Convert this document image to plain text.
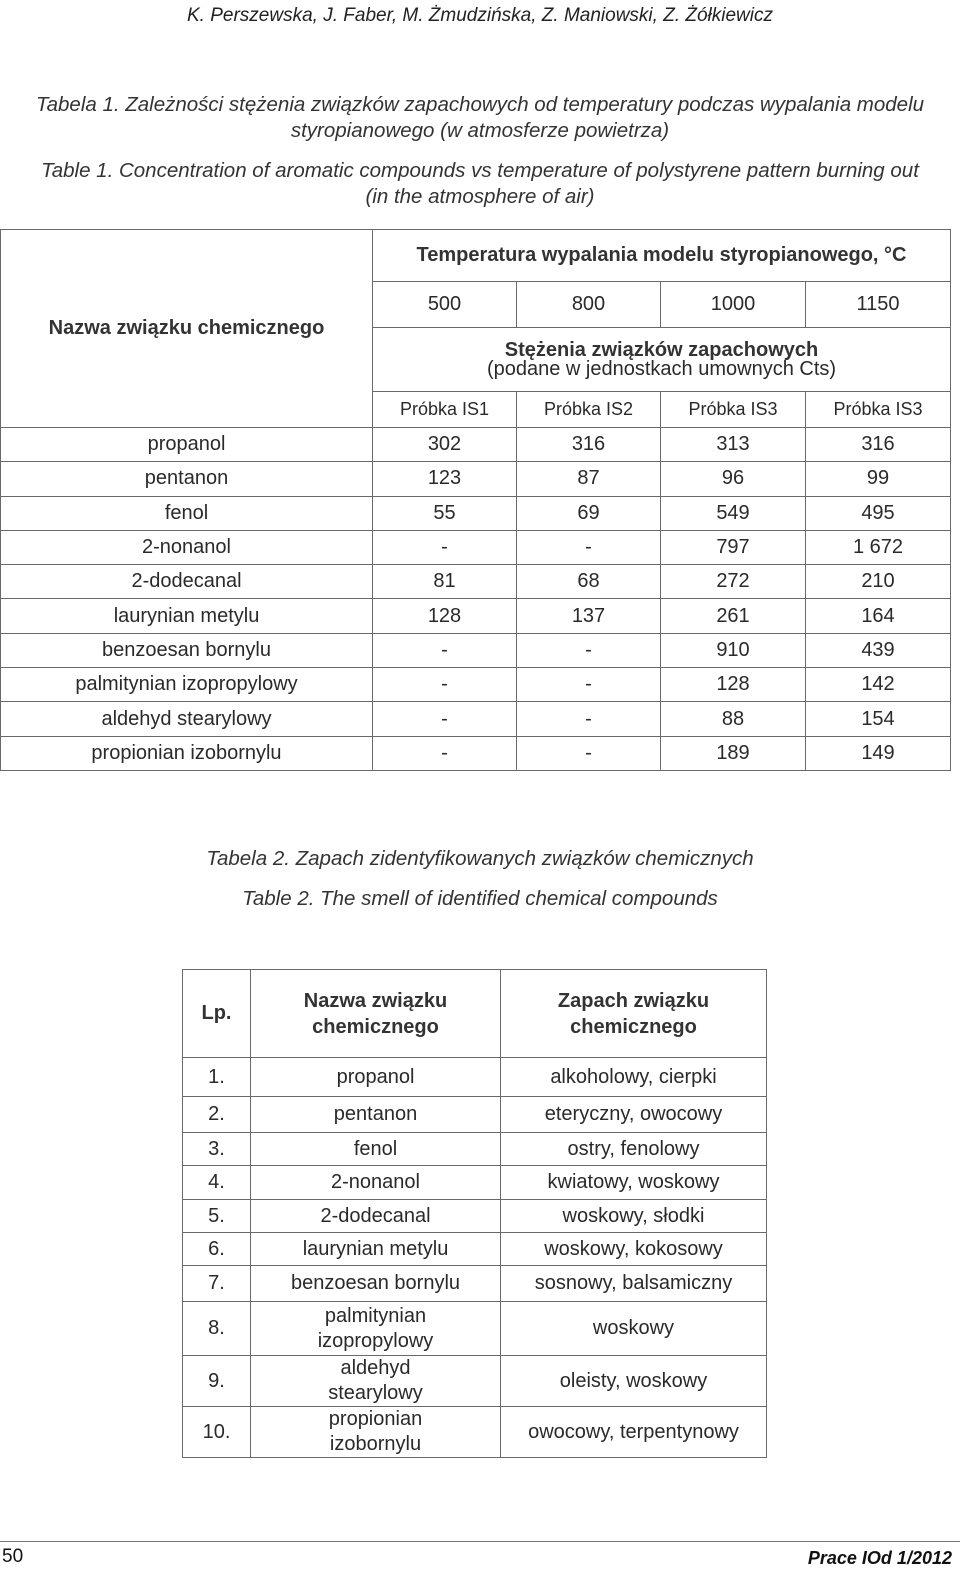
K. Perszewska, J. Faber, M. Żmudzińska, Z. Maniowski, Z. Żółkiewicz
Tabela 1. Zależności stężenia związków zapachowych od temperatury podczas wypalania modelu
styropianowego (w atmosferze powietrza)
Table 1. Concentration of aromatic compounds vs temperature of polystyrene pattern burning out
(in the atmosphere of air)
Nazwa związku chemicznego	Temperatura wypalania modelu styropianowego, °C			
	500	800	1000	1150

	Stężenia związków zapachowych
(podane w jednostkach umownych Cts)			

	Próbka IS1	Próbka IS2	Próbka IS3	Próbka IS3
propanol	302	316	313	316
pentanon	123	87	96	99
fenol	55	69	549	495
2-nonanol	-	-	797	1 672
2-dodecanal	81	68	272	210
laurynian metylu	128	137	261	164
benzoesan bornylu	-	-	910	439
palmitynian izopropylowy	-	-	128	142
aldehyd stearylowy	-	-	88	154
propionian izobornylu	-	-	189	149
Tabela 2. Zapach zidentyfikowanych związków chemicznych
Table 2. The smell of identified chemical compounds
Lp.	Nazwa związku chemicznego	Zapach związku chemicznego
1.	propanol	alkoholowy, cierpki
2.	pentanon	eteryczny, owocowy
3.	fenol	ostry, fenolowy
4.	2-nonanol	kwiatowy, woskowy
5.	2-dodecanal	woskowy, słodki
6.	laurynian metylu	woskowy, kokosowy
7.	benzoesan bornylu	sosnowy, balsamiczny
8.	palmitynian izopropylowy	woskowy
9.	aldehyd stearylowy	oleisty, woskowy
10.	propionian izobornylu	owocowy, terpentynowy
50	Prace IOd 1/2012
